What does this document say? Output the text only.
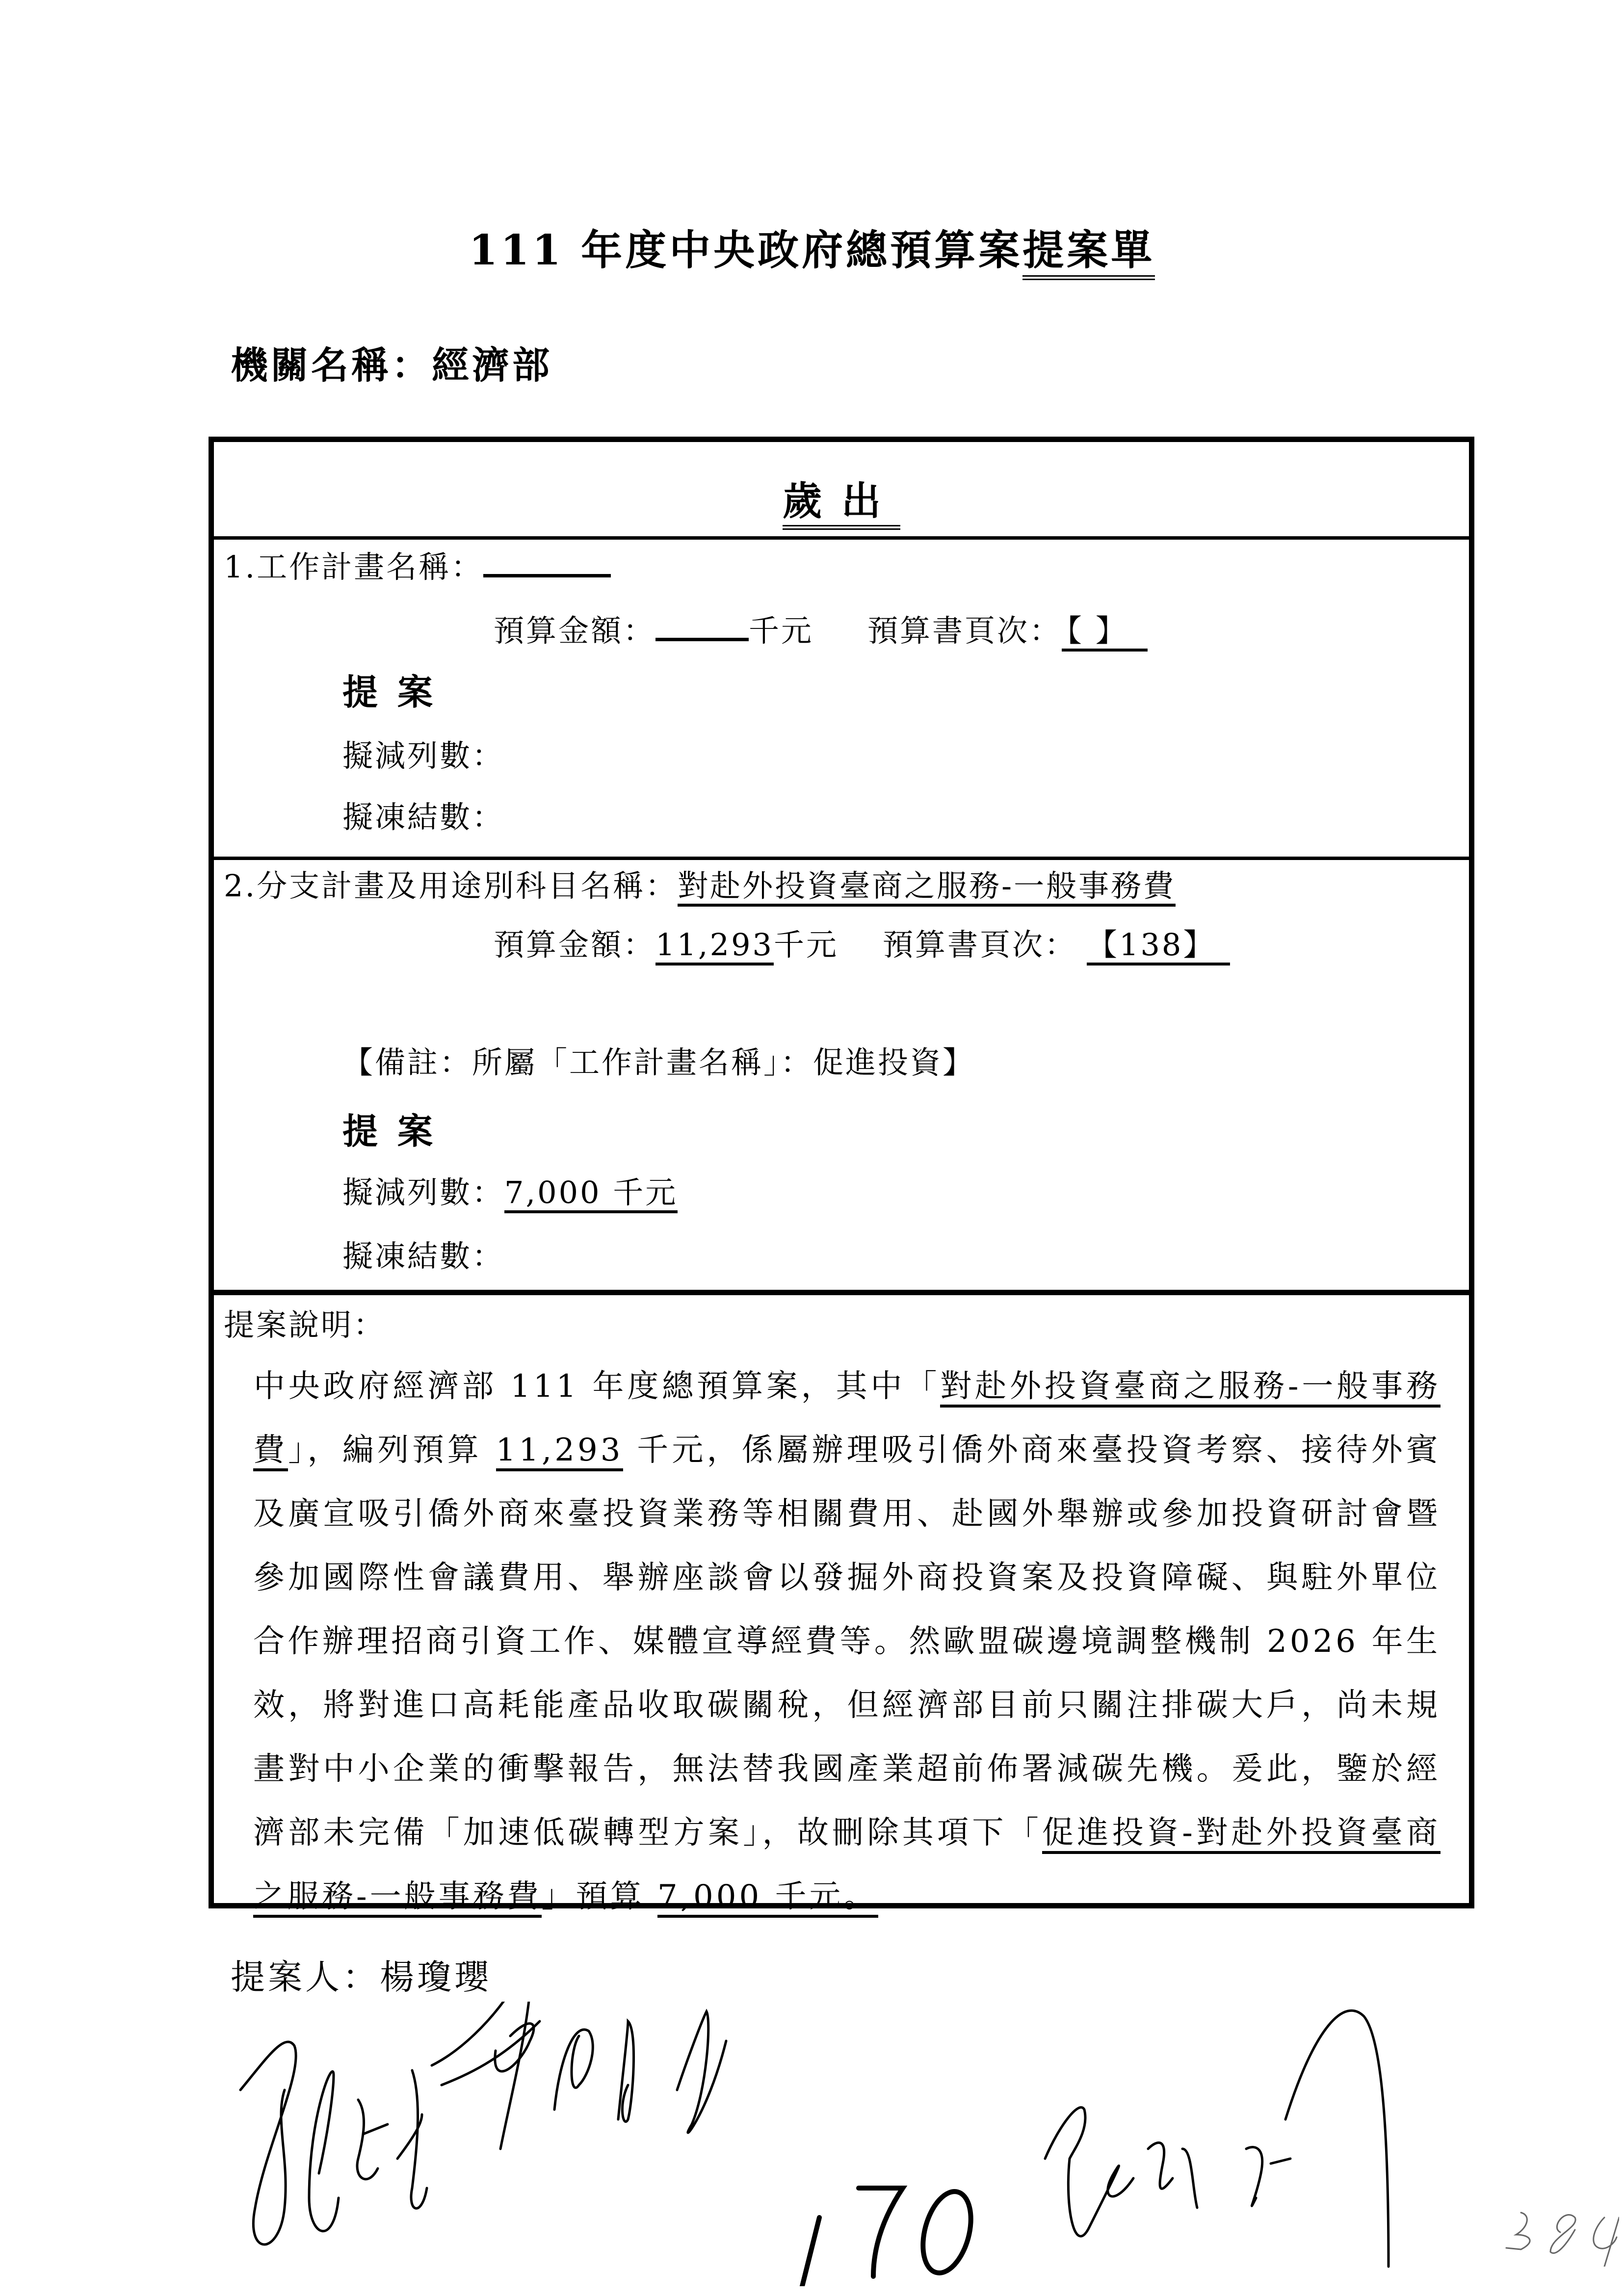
111 年度中央政府總預算案提案單
機關名稱：經濟部
歲出
1.工作計畫名稱：
預算金額：	千元 預算書頁次： 【 】
提案
擬減列數：
擬凍結數：
2.分支計畫及用途別科目名稱：對赴外投資臺商之服務-一般事務費
預算金額：11,293千元 預算書頁次： 【138】
【備註：所屬「工作計畫名稱」：促進投資】
提案
擬減列數：7,000 千元
擬凍結數：
提案說明：
中央政府經濟部 111 年度總預算案，其中「對赴外投資臺商之服務-一般事務費」，編列預算 11,293 千元，係屬辦理吸引僑外商來臺投資考察、接待外賓及廣宣吸引僑外商來臺投資業務等相關費用、赴國外舉辦或參加投資研討會暨參加國際性會議費用、舉辦座談會以發掘外商投資案及投資障礙、與駐外單位合作辦理招商引資工作、媒體宣導經費等。然歐盟碳邊境調整機制 2026 年生效，將對進口高耗能產品收取碳關稅，但經濟部目前只關注排碳大戶，尚未規畫對中小企業的衝擊報告，無法替我國產業超前佈署減碳先機。爰此，鑒於經濟部未完備「加速低碳轉型方案」，故刪除其項下「促進投資-對赴外投資臺商之服務-一般事務費」預算 7,000 千元。
提案人：楊瓊瓔
